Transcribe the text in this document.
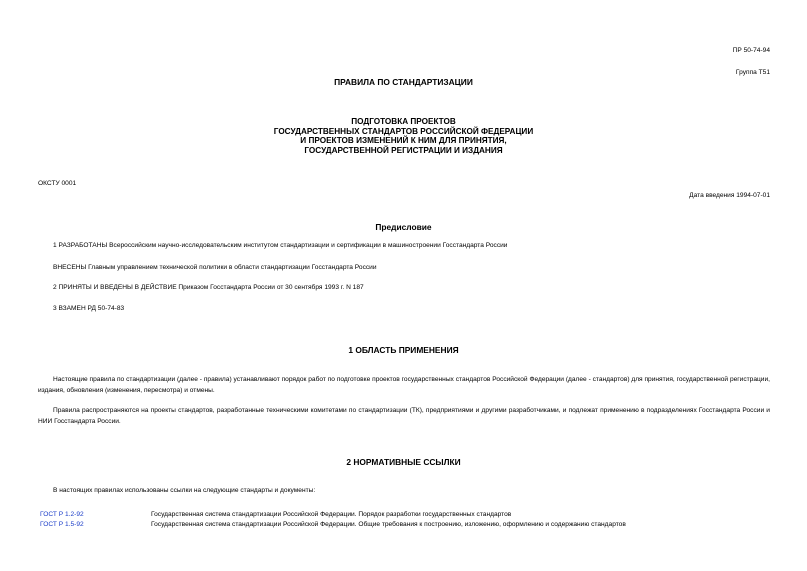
ПР 50-74-94
Группа Т51
ПРАВИЛА ПО СТАНДАРТИЗАЦИИ
ПОДГОТОВКА ПРОЕКТОВ
ГОСУДАРСТВЕННЫХ СТАНДАРТОВ РОССИЙСКОЙ ФЕДЕРАЦИИ
И ПРОЕКТОВ ИЗМЕНЕНИЙ К НИМ ДЛЯ ПРИНЯТИЯ,
ГОСУДАРСТВЕННОЙ РЕГИСТРАЦИИ И ИЗДАНИЯ
ОКСТУ 0001
Дата введения 1994-07-01
Предисловие
1 РАЗРАБОТАНЫ Всероссийским научно-исследовательским институтом стандартизации и сертификации в машиностроении Госстандарта России
ВНЕСЕНЫ Главным управлением технической политики в области стандартизации Госстандарта России
2 ПРИНЯТЫ И ВВЕДЕНЫ В ДЕЙСТВИЕ Приказом Госстандарта России от 30 сентября 1993 г. N 187
3 ВЗАМЕН РД 50-74-83
1 ОБЛАСТЬ ПРИМЕНЕНИЯ
Настоящие правила по стандартизации (далее - правила) устанавливают порядок работ по подготовке проектов государственных стандартов Российской Федерации (далее - стандартов) для принятия, государственной регистрации, издания, обновления (изменения, пересмотра) и отмены.
Правила распространяются на проекты стандартов, разработанные техническими комитетами по стандартизации (ТК), предприятиями и другими разработчиками, и подлежат применению в подразделениях Госстандарта России и НИИ Госстандарта России.
2 НОРМАТИВНЫЕ ССЫЛКИ
В настоящих правилах использованы ссылки на следующие стандарты и документы:
ГОСТ Р 1.2-92	Государственная система стандартизации Российской Федерации. Порядок разработки государственных стандартов
ГОСТ Р 1.5-92	Государственная система стандартизации Российской Федерации. Общие требования к построению, изложению, оформлению и содержанию стандартов
